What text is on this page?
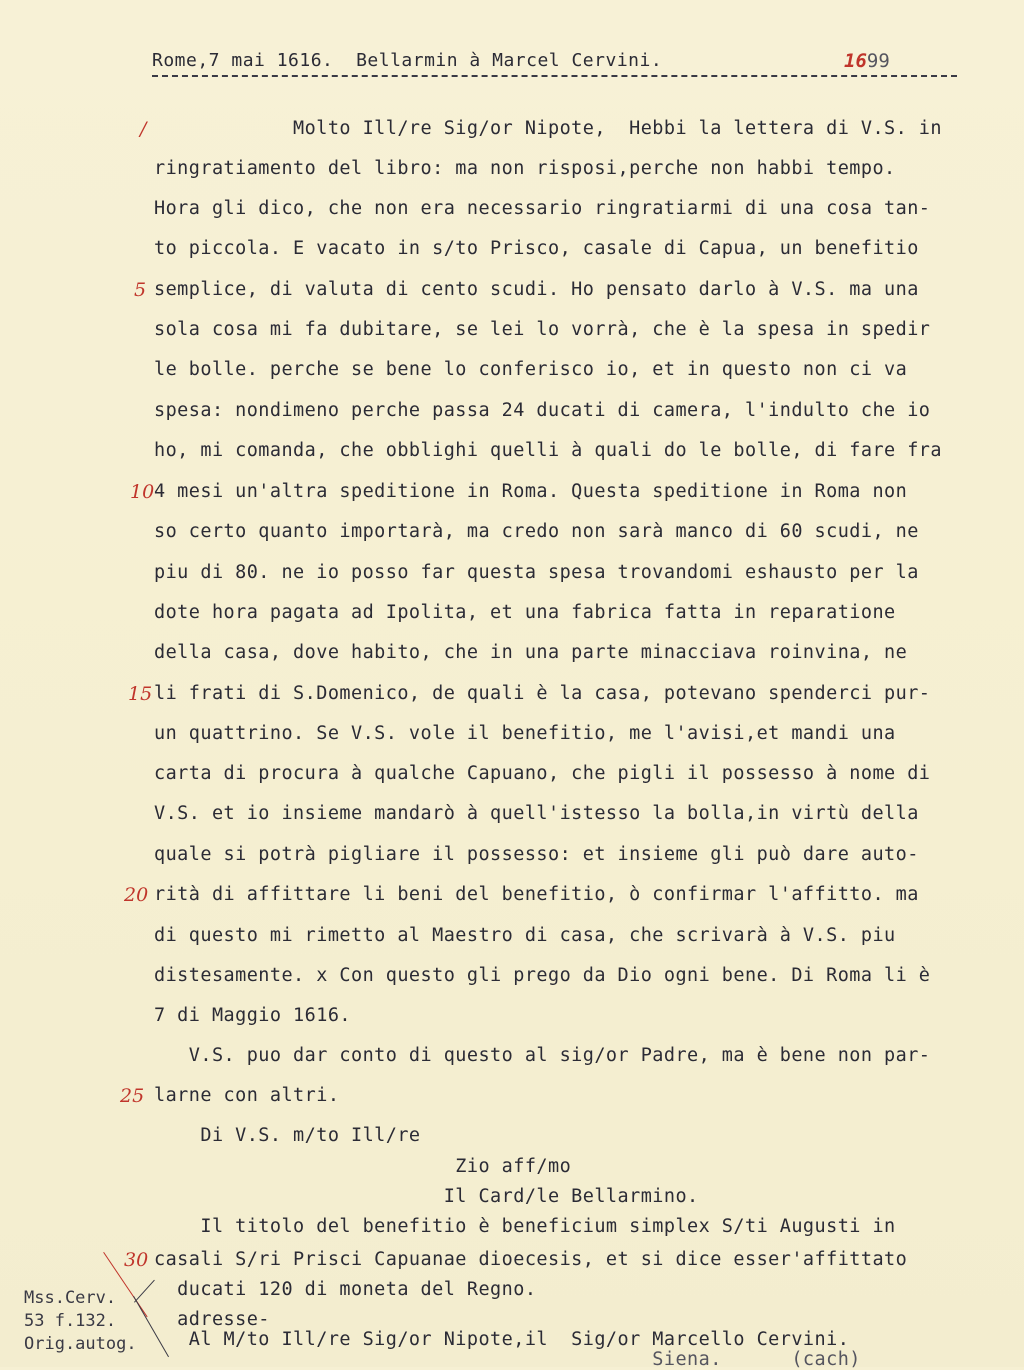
Rome,7 mai 1616.  Bellarmin à Marcel Cervini.	1699
Molto Ill/re Sig/or Nipote,  Hebbi la lettera di V.S. in
ringratiamento del libro: ma non risposi,perche non habbi tempo.
Hora gli dico, che non era necessario ringratiarmi di una cosa tan-
to piccola. E vacato in s/to Prisco, casale di Capua, un benefitio
semplice, di valuta di cento scudi. Ho pensato darlo à V.S. ma una
sola cosa mi fa dubitare, se lei lo vorrà, che è la spesa in spedir
le bolle. perche se bene lo conferisco io, et in questo non ci va
spesa: nondimeno perche passa 24 ducati di camera, l'indulto che io
ho, mi comanda, che obblighi quelli à quali do le bolle, di fare fra
4 mesi un'altra speditione in Roma. Questa speditione in Roma non
so certo quanto importarà, ma credo non sarà manco di 60 scudi, ne
piu di 80. ne io posso far questa spesa trovandomi eshausto per la
dote hora pagata ad Ipolita, et una fabrica fatta in reparatione
della casa, dove habito, che in una parte minacciava roinvina, ne
li frati di S.Domenico, de quali è la casa, potevano spenderci pur-
un quattrino. Se V.S. vole il benefitio, me l'avisi,et mandi una
carta di procura à qualche Capuano, che pigli il possesso à nome di
V.S. et io insieme mandarò à quell'istesso la bolla,in virtù della
quale si potrà pigliare il possesso: et insieme gli può dare auto-
rità di affittare li beni del benefitio, ò confirmar l'affitto. ma
di questo mi rimetto al Maestro di casa, che scrivarà à V.S. piu
distesamente. x Con questo gli prego da Dio ogni bene. Di Roma li è
7 di Maggio 1616.
V.S. puo dar conto di questo al sig/or Padre, ma è bene non par-
larne con altri.
Di V.S. m/to Ill/re
Zio aff/mo
Il Card/le Bellarmino.
Il titolo del benefitio è beneficium simplex S/ti Augusti in
casali S/ri Prisci Capuanae dioecesis, et si dice esser'affittato
ducati 120 di moneta del Regno.
adresse-
Al M/to Ill/re Sig/or Nipote,il  Sig/or Marcello Cervini.
Siena.      (cach)
/
5
10
15
20
25
30
Mss.Cerv.
53 f.132.
Orig.autog.
